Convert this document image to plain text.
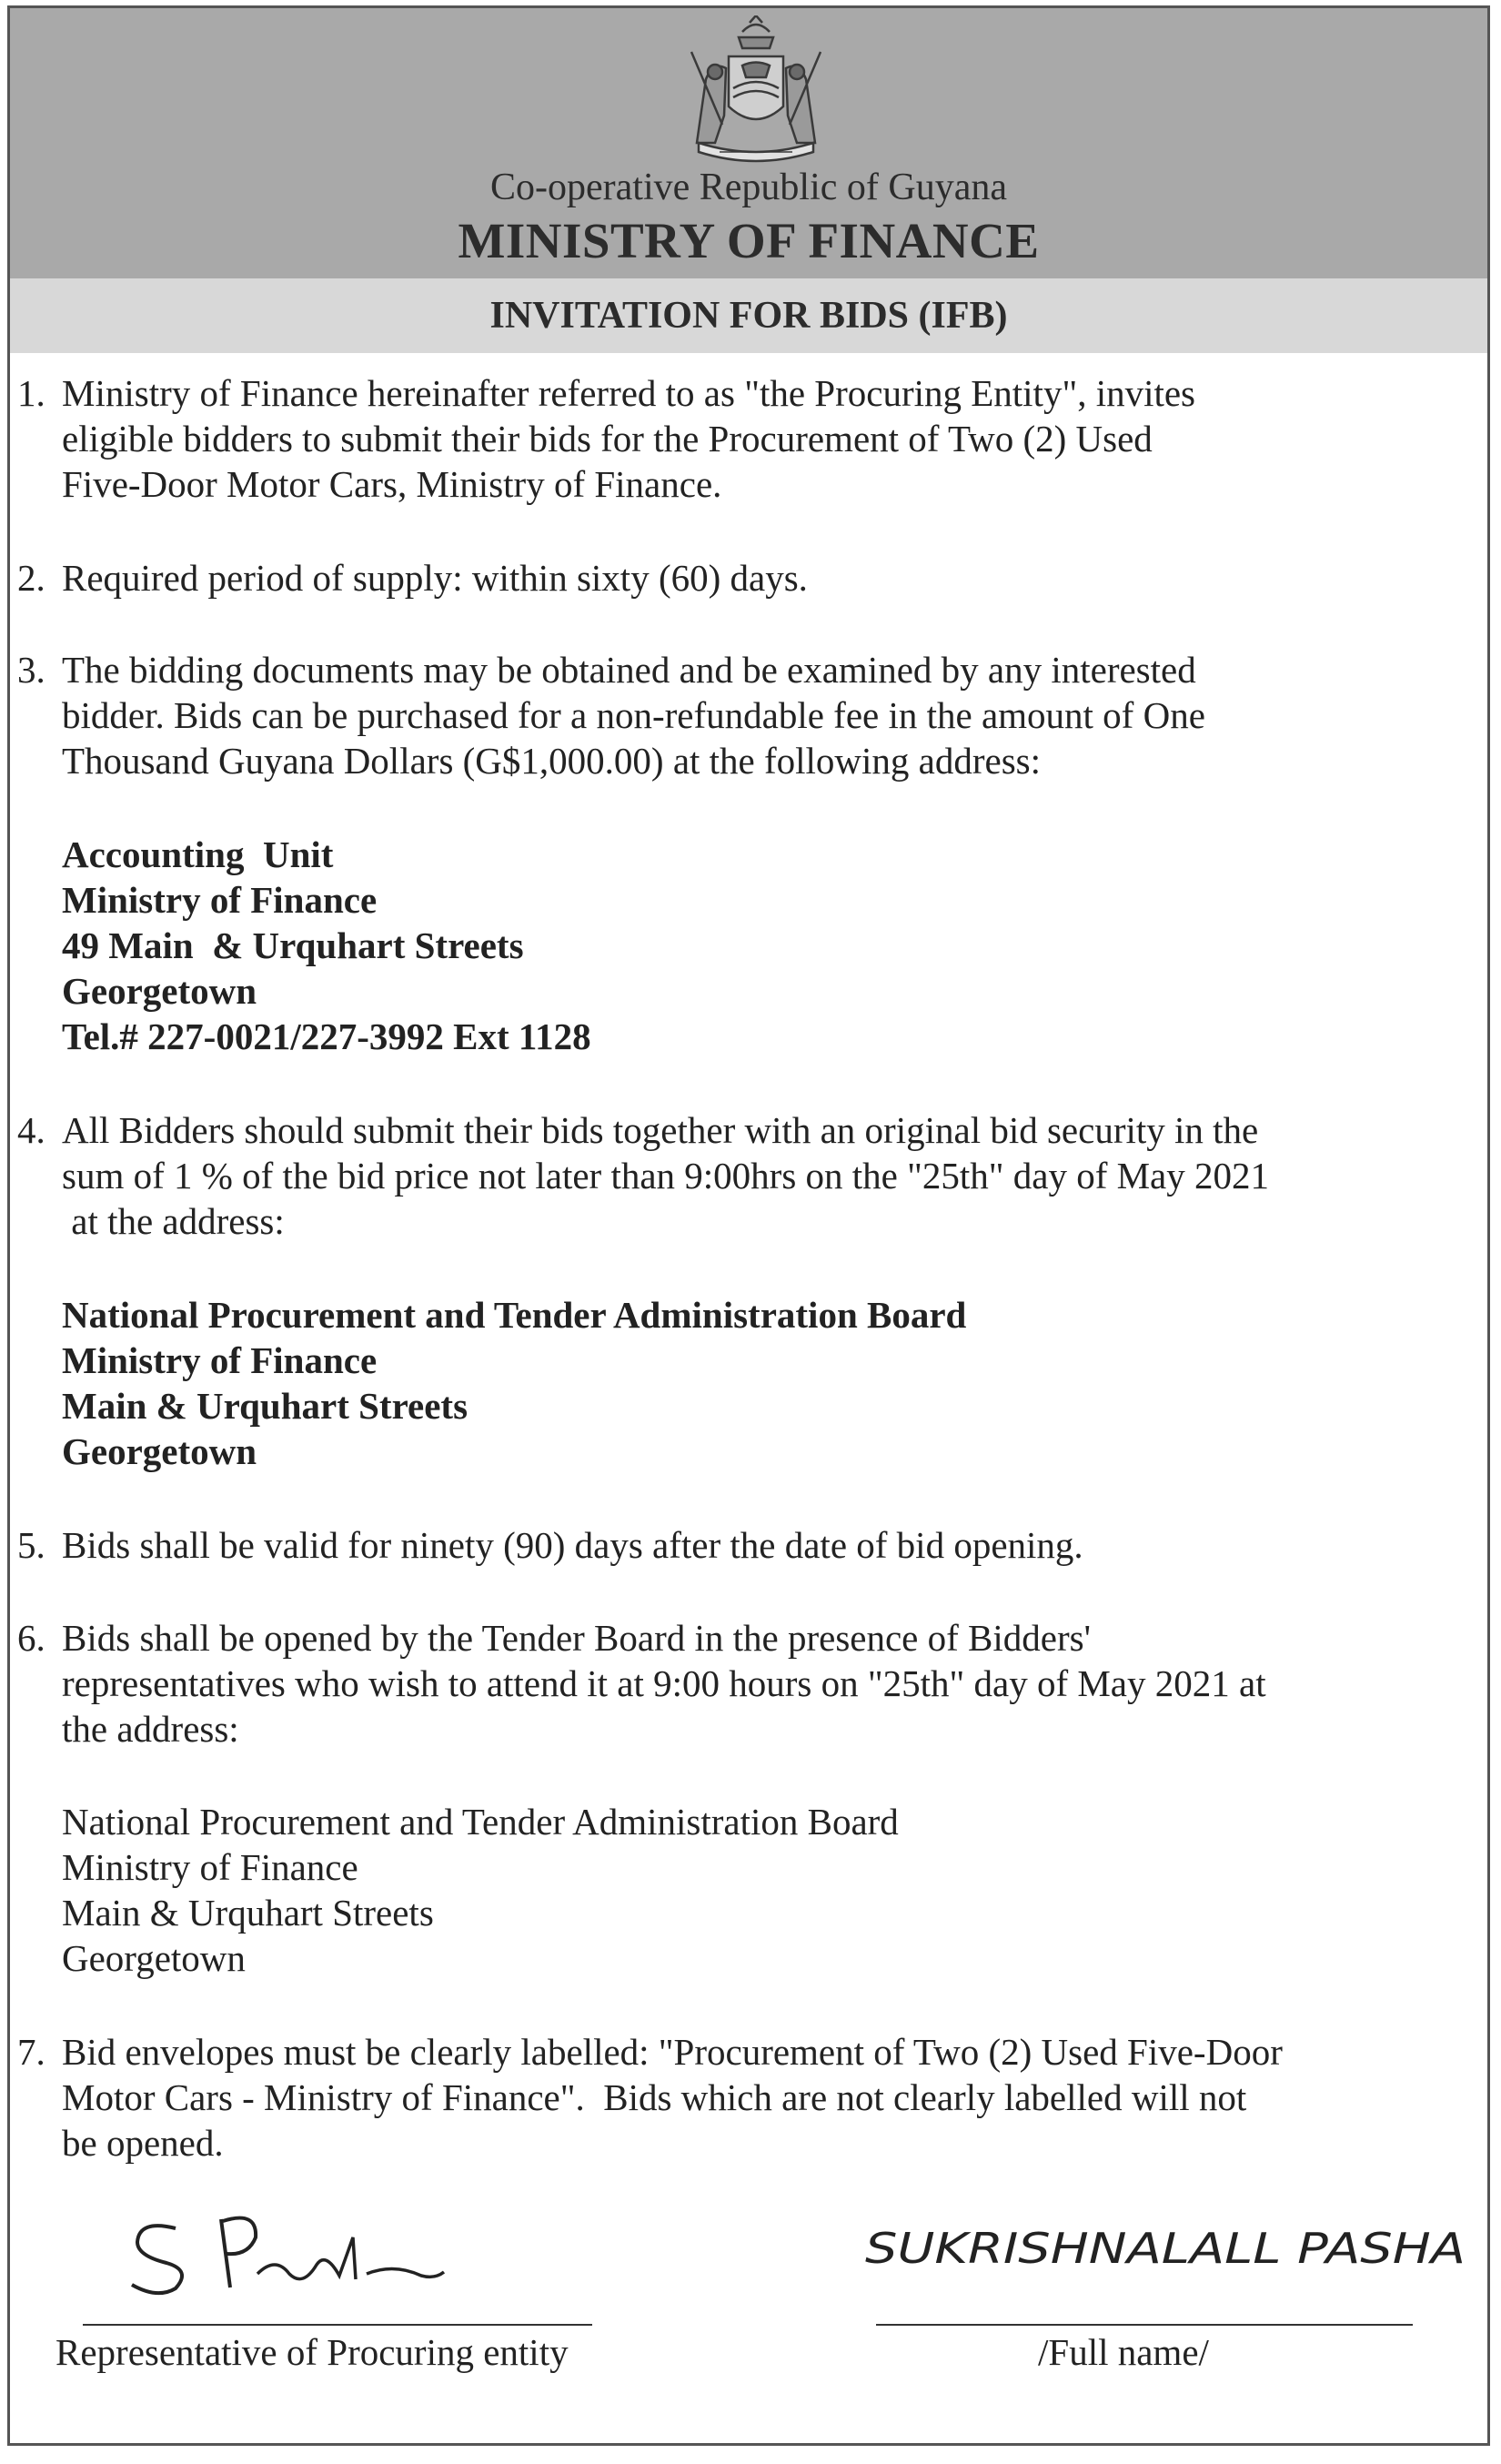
Co-operative Republic of Guyana
MINISTRY OF FINANCE
INVITATION FOR BIDS (IFB)
1. Ministry of Finance hereinafter referred to as "the Procuring Entity", invites
eligible bidders to submit their bids for the Procurement of Two (2) Used
Five-Door Motor Cars, Ministry of Finance.
2. Required period of supply: within sixty (60) days.
3. The bidding documents may be obtained and be examined by any interested
bidder. Bids can be purchased for a non-refundable fee in the amount of One
Thousand Guyana Dollars (G$1,000.00) at the following address:
Accounting  Unit
Ministry of Finance
49 Main  & Urquhart Streets
Georgetown
Tel.# 227-0021/227-3992 Ext 1128
4. All Bidders should submit their bids together with an original bid security in the
sum of 1 % of the bid price not later than 9:00hrs on the "25th" day of May 2021
at the address:
National Procurement and Tender Administration Board
Ministry of Finance
Main & Urquhart Streets
Georgetown
5. Bids shall be valid for ninety (90) days after the date of bid opening.
6. Bids shall be opened by the Tender Board in the presence of Bidders'
representatives who wish to attend it at 9:00 hours on "25th" day of May 2021 at
the address:
National Procurement and Tender Administration Board
Ministry of Finance
Main & Urquhart Streets
Georgetown
7. Bid envelopes must be clearly labelled: "Procurement of Two (2) Used Five-Door
Motor Cars - Ministry of Finance".  Bids which are not clearly labelled will not
be opened.
Representative of Procuring entity
SUKRISHNALALL PASHA
/Full name/
